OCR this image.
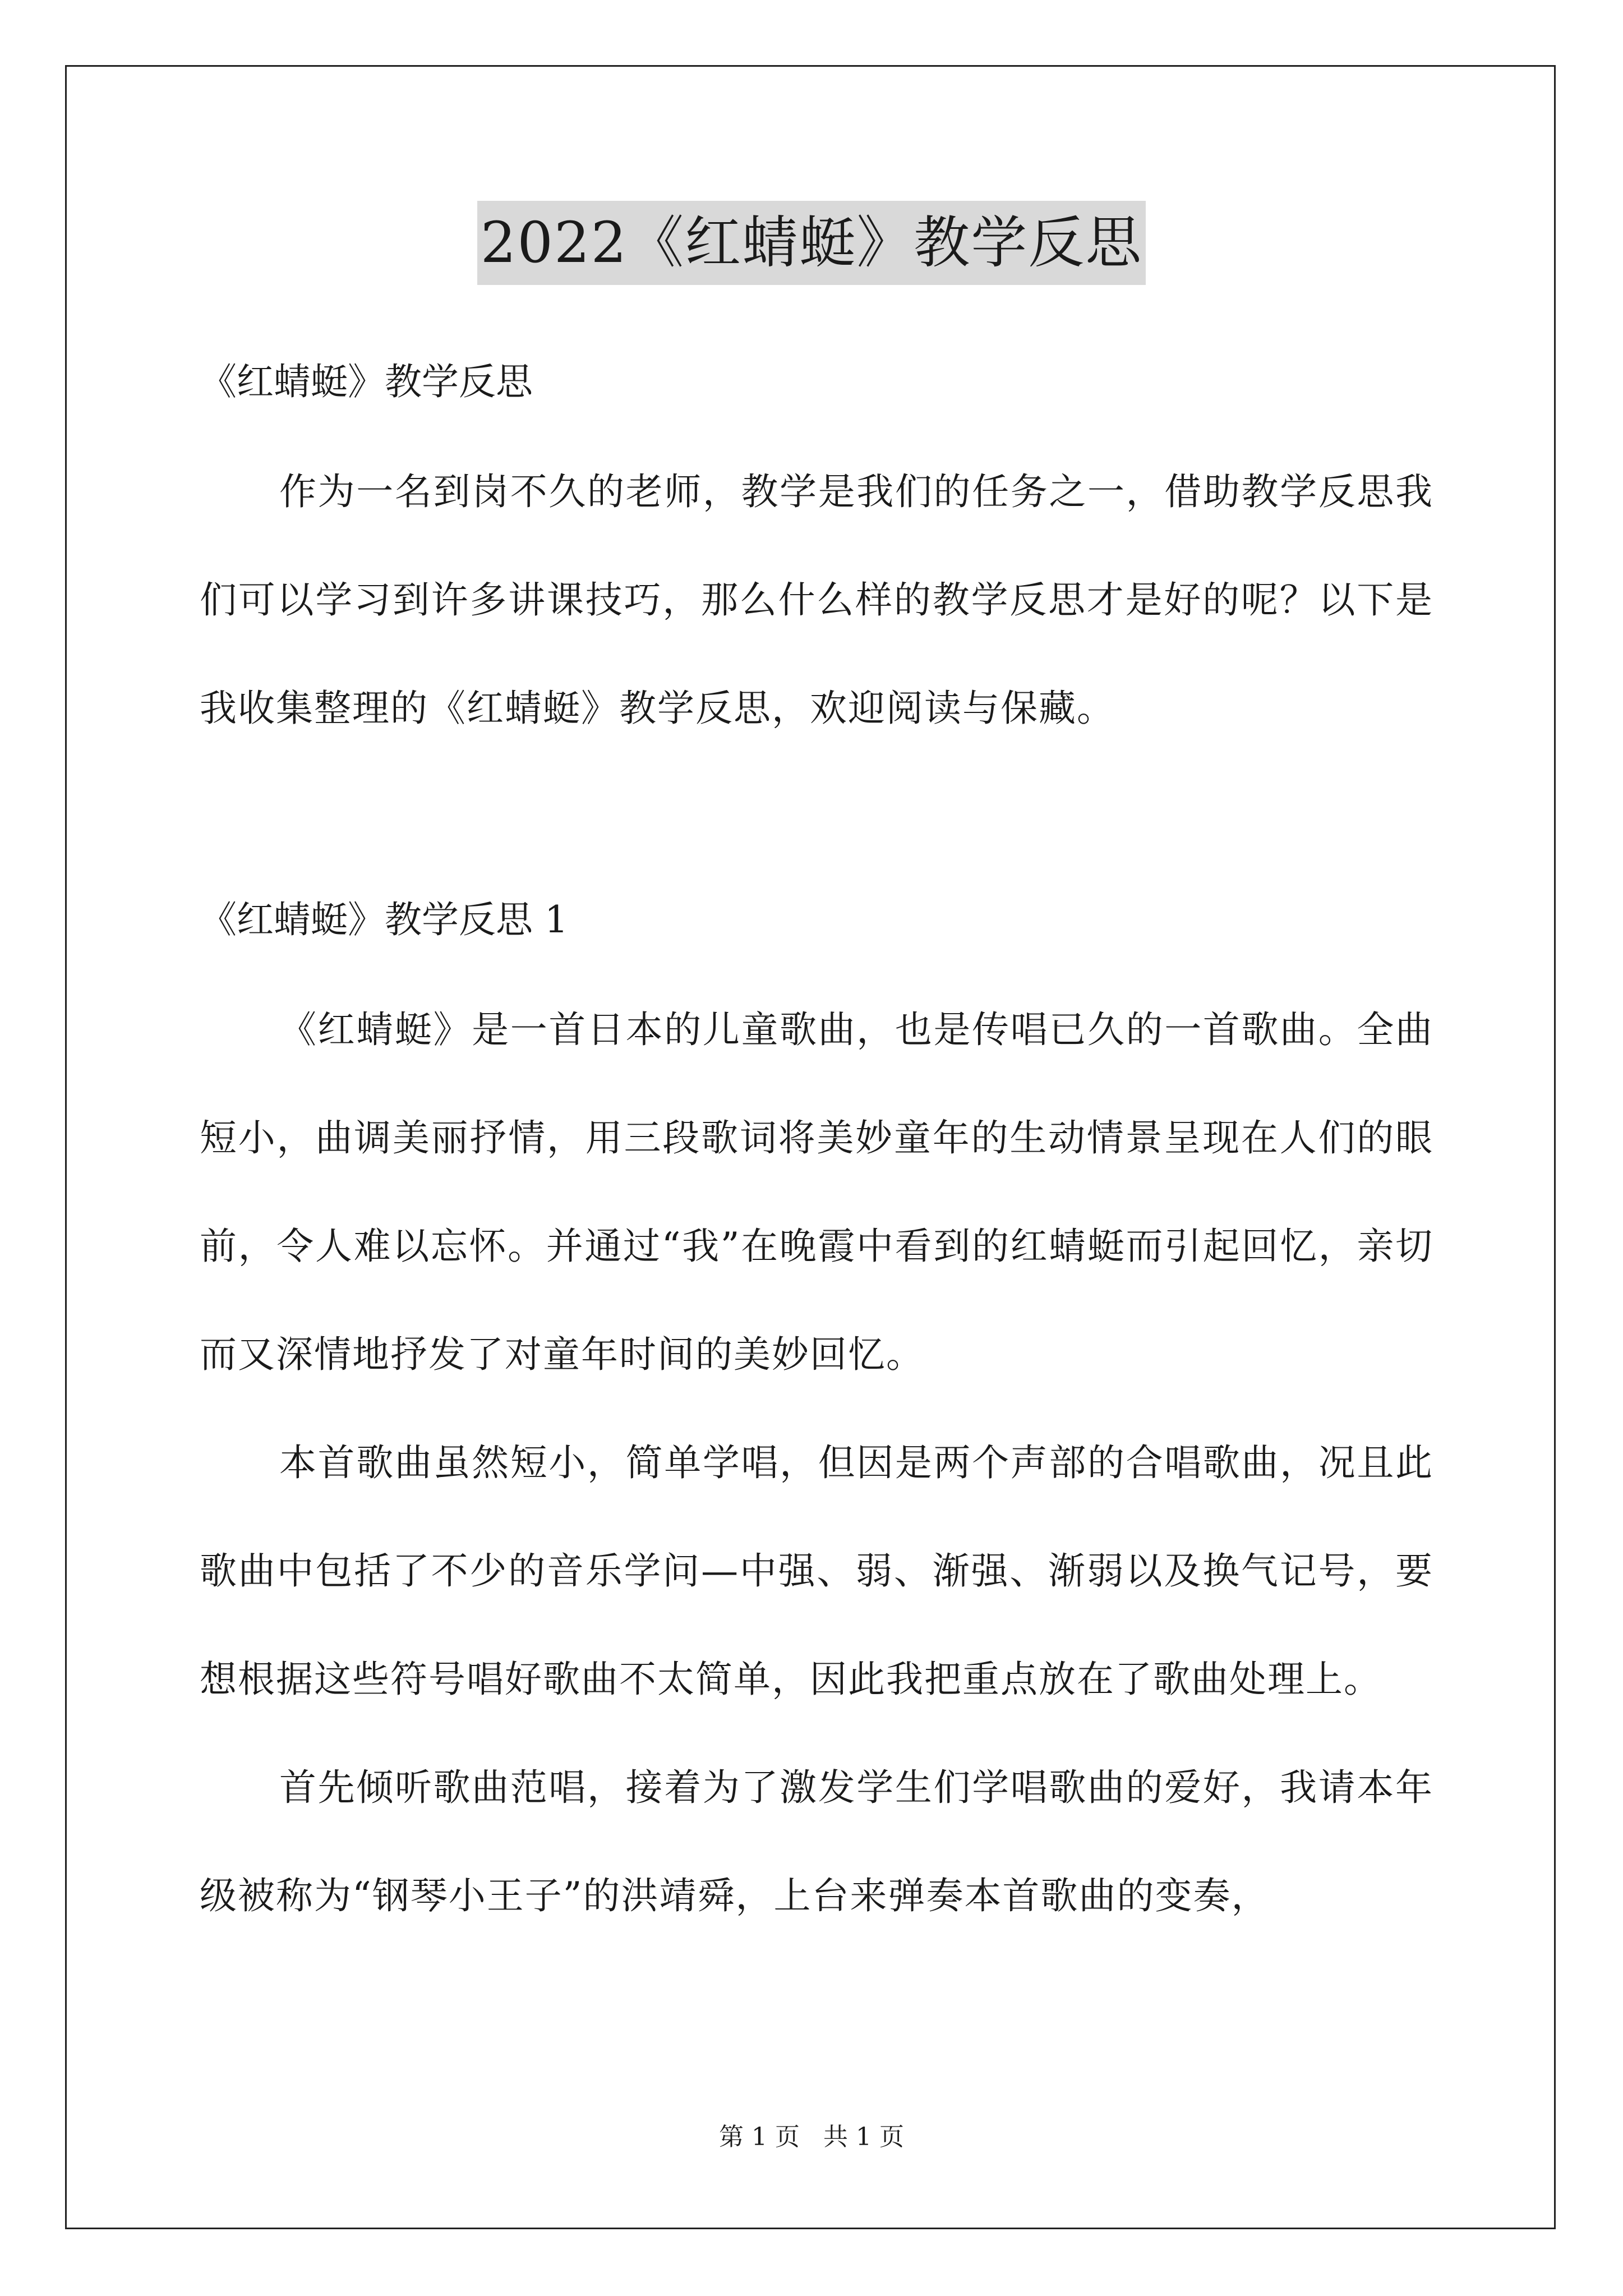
2022《红蜻蜓》教学反思

《红蜻蜓》教学反思

作为一名到岗不久的老师，教学是我们的任务之一，借助教学反思我们可以学习到许多讲课技巧，那么什么样的教学反思才是好的呢？以下是我收集整理的《红蜻蜓》教学反思，欢迎阅读与保藏。

《红蜻蜓》教学反思 1

《红蜻蜓》是一首日本的儿童歌曲，也是传唱已久的一首歌曲。全曲短小，曲调美丽抒情，用三段歌词将美妙童年的生动情景呈现在人们的眼前，令人难以忘怀。并通过“我”在晚霞中看到的红蜻蜓而引起回忆，亲切而又深情地抒发了对童年时间的美妙回忆。

本首歌曲虽然短小，简单学唱，但因是两个声部的合唱歌曲，况且此歌曲中包括了不少的音乐学问—中强、弱、渐强、渐弱以及换气记号，要想根据这些符号唱好歌曲不太简单，因此我把重点放在了歌曲处理上。

首先倾听歌曲范唱，接着为了激发学生们学唱歌曲的爱好，我请本年级被称为“钢琴小王子”的洪靖舜，上台来弹奏本首歌曲的变奏，

第 1 页   共 1 页
